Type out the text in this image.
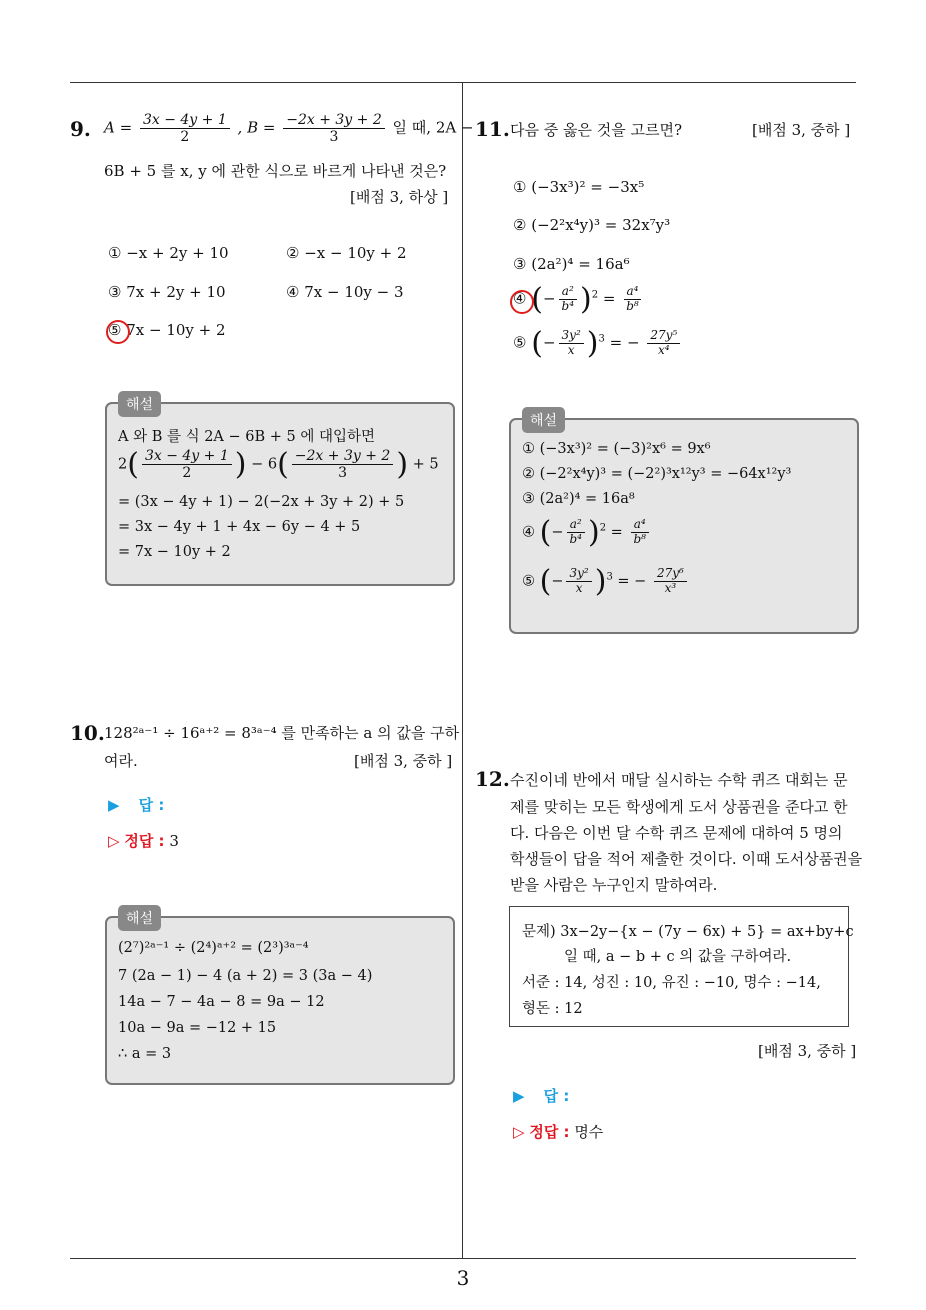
3
9. $A = \frac{3x - 4y + 1}{2}$ , $B = \frac{-2x + 3y + 2}{3}$ 일 때, 2A −
6B + 5 를 x, y 에 관한 식으로 바르게 나타낸 것은?
[배점 3, 하상 ]
① −x + 2y + 10	② −x − 10y + 2
③ 7x + 2y + 10	④ 7x − 10y − 3
⑤ 7x − 10y + 2
해설
A 와 B 를 식 2A − 6B + 5 에 대입하면
$2( \frac{3x - 4y + 1}{2}$ ) − $6( \frac{-2x + 3y + 2}{3}$ ) + 5
= (3x − 4y + 1) − 2(−2x + 3y + 2) + 5
= 3x − 4y + 1 + 4x − 6y − 4 + 5
= 7x − 10y + 2
10. 128²ᵃ⁻¹ ÷ 16ᵃ⁺² = 8³ᵃ⁻⁴ 를 만족하는 a 의 값을 구하
여라.	[배점 3, 중하 ]
▶ 답 :
▷ 정답 : 3
해설
(2⁷)²ᵃ⁻¹ ÷ (2⁴)ᵃ⁺² = (2³)³ᵃ⁻⁴
7 (2a − 1) − 4 (a + 2) = 3 (3a − 4)
14a − 7 − 4a − 8 = 9a − 12
10a − 9a = −12 + 15
∴ a = 3
11. 다음 중 옳은 것을 고르면?	[배점 3, 중하 ]
① (−3x³)² = −3x⁵
② (−2²x⁴y)³ = 32x⁷y³
③ (2a²)⁴ = 16a⁶
④ (− $\frac{\text{a²}}{\text{b⁴}} )^2 = \frac{\text{a⁴}}{\text{b⁸}}$
⑤ (− $\frac{\text{3y²}}{x} )^3$ = − $\frac{\text{27y⁵}}{\text{x⁴}}$
해설
① (−3x³)² = (−3)²x⁶ = 9x⁶
② (−2²x⁴y)³ = (−2²)³x¹²y³ = −64x¹²y³
③ (2a²)⁴ = 16a⁸
④ (− $\frac{\text{a²}}{\text{b⁴}} )^2 = \frac{\text{a⁴}}{\text{b⁸}}$
⑤ (− $\frac{\text{3y²}}{x} )^3$ = − $\frac{\text{27y⁶}}{\text{x³}}$
12. 수진이네 반에서 매달 실시하는 수학 퀴즈 대회는 문
제를 맞히는 모든 학생에게 도서 상품권을 준다고 한
다. 다음은 이번 달 수학 퀴즈 문제에 대하여 5 명의
학생들이 답을 적어 제출한 것이다. 이때 도서상품권을
받을 사람은 누구인지 말하여라.
문제) 3x−2y−{x − (7y − 6x) + 5} = ax+by+c
일 때, a − b + c 의 값을 구하여라.
서준 : 14, 성진 : 10, 유진 : −10, 명수 : −14,
형돈 : 12
[배점 3, 중하 ]
▶ 답 :
▷ 정답 : 명수
